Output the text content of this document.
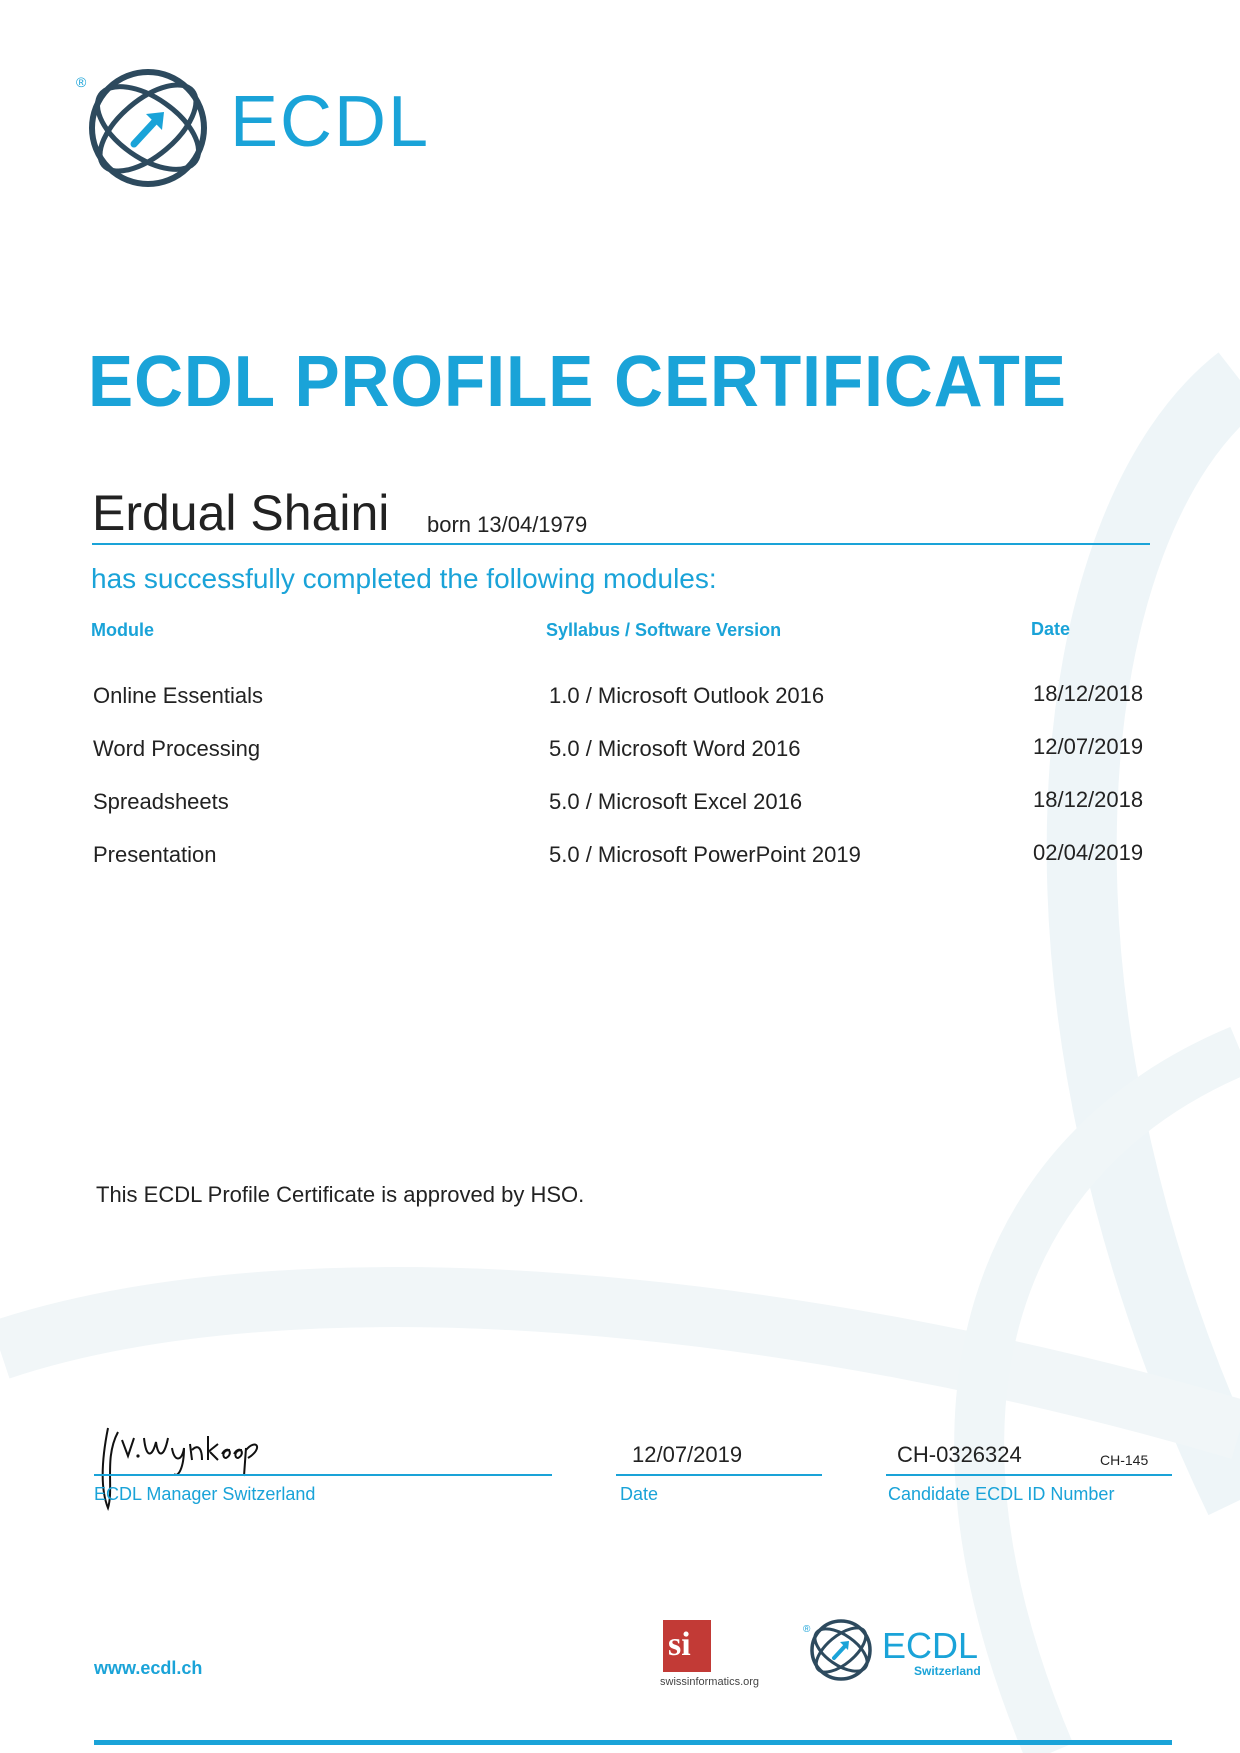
® ECDL
ECDL PROFILE CERTIFICATE
Erdual Shaini born 13/04/1979
has successfully completed the following modules:
Module	Syllabus / Software Version	Date
Online Essentials	1.0 / Microsoft Outlook 2016	18/12/2018
Word Processing	5.0 / Microsoft Word 2016	12/07/2019
Spreadsheets	5.0 / Microsoft Excel 2016	18/12/2018
Presentation	5.0 / Microsoft PowerPoint 2019	02/04/2019
This ECDL Profile Certificate is approved by HSO.
J.v. Wynkoop
ECDL Manager Switzerland
12/07/2019
Date
CH-0326324	CH-145
Candidate ECDL ID Number
www.ecdl.ch
si
swissinformatics.org
® ECDL
Switzerland
